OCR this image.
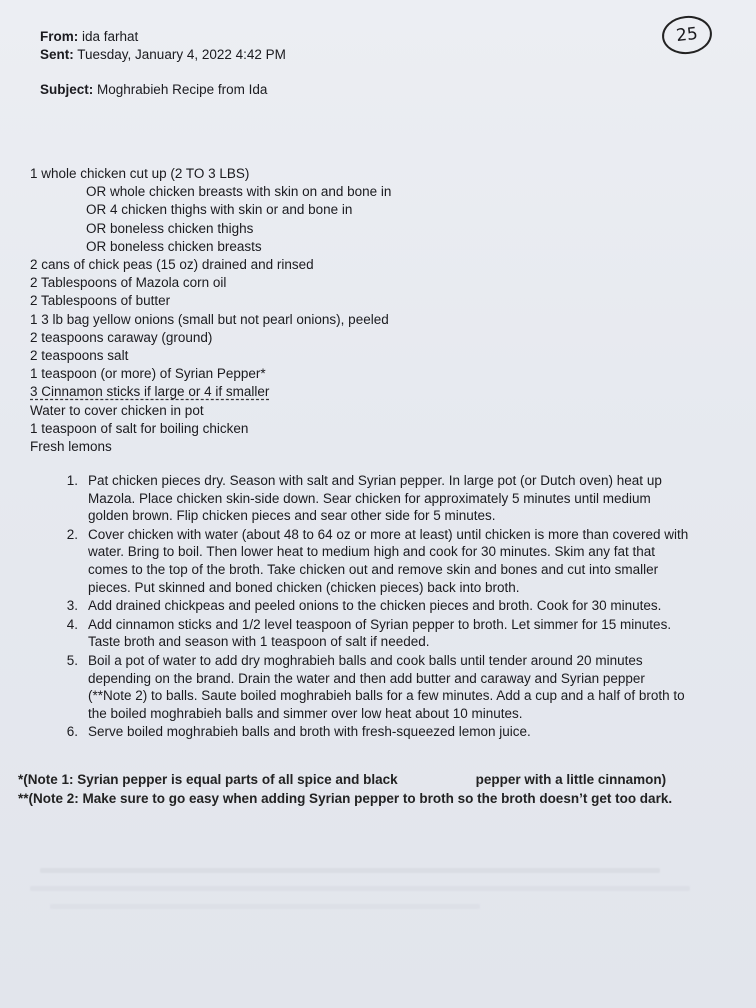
From: ida farhat
Sent: Tuesday, January 4, 2022 4:42 PM
Subject: Moghrabieh Recipe from Ida
25
1 whole chicken cut up (2 TO 3 LBS)
OR whole chicken breasts with skin on and bone in
OR 4 chicken thighs with skin or and bone in
OR boneless chicken thighs
OR boneless chicken breasts
2 cans of chick peas (15 oz) drained and rinsed
2 Tablespoons of Mazola corn oil
2 Tablespoons of butter
1 3 lb bag yellow onions (small but not pearl onions), peeled
2 teaspoons caraway (ground)
2 teaspoons salt
1 teaspoon (or more) of Syrian Pepper*
3 Cinnamon sticks if large or 4 if smaller
Water to cover chicken in pot
1 teaspoon of salt for boiling chicken
Fresh lemons
1. Pat chicken pieces dry. Season with salt and Syrian pepper. In large pot (or Dutch oven) heat up Mazola. Place chicken skin-side down. Sear chicken for approximately 5 minutes until medium golden brown. Flip chicken pieces and sear other side for 5 minutes.
2. Cover chicken with water (about 48 to 64 oz or more at least) until chicken is more than covered with water. Bring to boil. Then lower heat to medium high and cook for 30 minutes. Skim any fat that comes to the top of the broth. Take chicken out and remove skin and bones and cut into smaller pieces. Put skinned and boned chicken (chicken pieces) back into broth.
3. Add drained chickpeas and peeled onions to the chicken pieces and broth. Cook for 30 minutes.
4. Add cinnamon sticks and 1/2 level teaspoon of Syrian pepper to broth. Let simmer for 15 minutes. Taste broth and season with 1 teaspoon of salt if needed.
5. Boil a pot of water to add dry moghrabieh balls and cook balls until tender around 20 minutes depending on the brand. Drain the water and then add butter and caraway and Syrian pepper (**Note 2) to balls. Saute boiled moghrabieh balls for a few minutes. Add a cup and a half of broth to the boiled moghrabieh balls and simmer over low heat about 10 minutes.
6. Serve boiled moghrabieh balls and broth with fresh-squeezed lemon juice.
*(Note 1: Syrian pepper is equal parts of all spice and black	pepper with a little cinnamon)
**(Note 2: Make sure to go easy when adding Syrian pepper to broth so the broth doesn’t get too dark.
